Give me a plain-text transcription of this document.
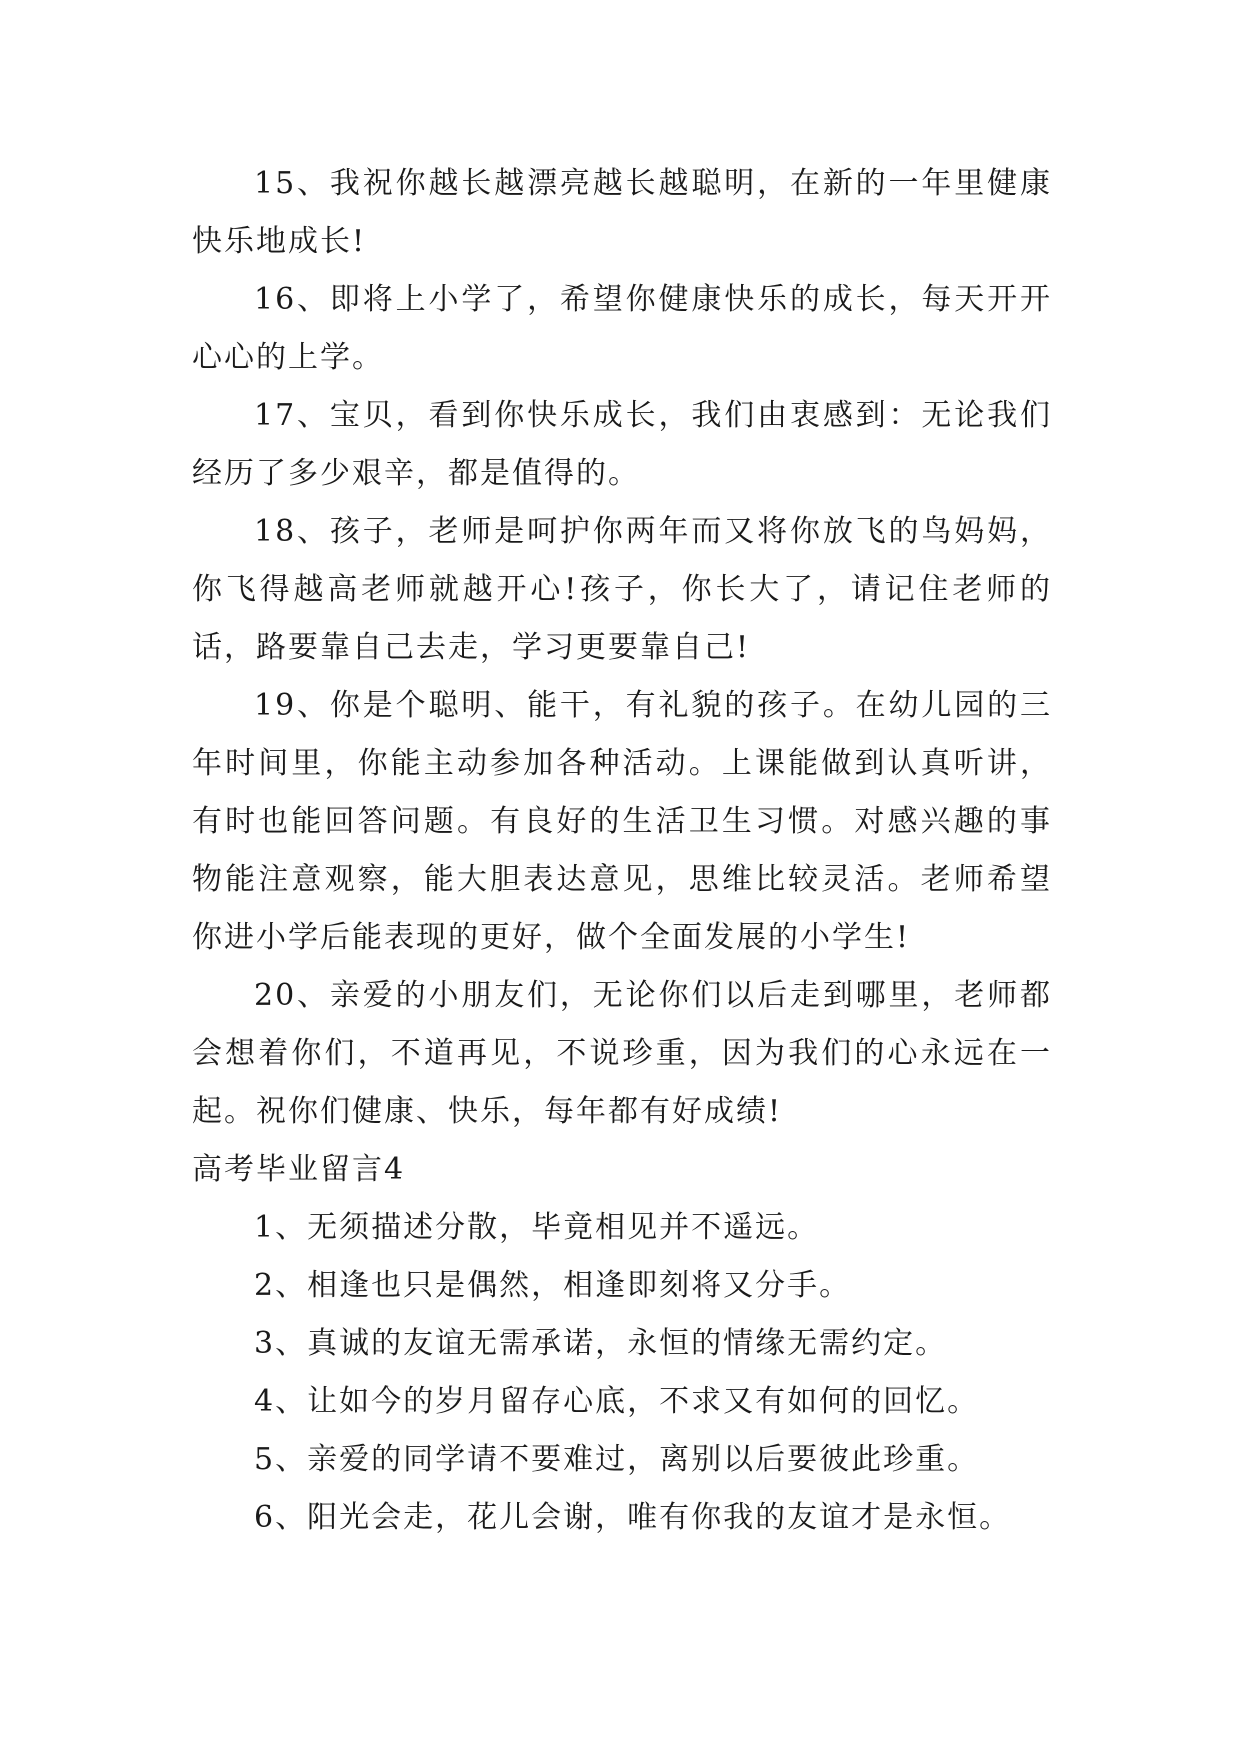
15、我祝你越长越漂亮越长越聪明，在新的一年里健康快乐地成长!

16、即将上小学了，希望你健康快乐的成长，每天开开心心的上学。

17、宝贝，看到你快乐成长，我们由衷感到：无论我们经历了多少艰辛，都是值得的。

18、孩子，老师是呵护你两年而又将你放飞的鸟妈妈，你飞得越高老师就越开心!孩子，你长大了，请记住老师的话，路要靠自己去走，学习更要靠自己!

19、你是个聪明、能干，有礼貌的孩子。在幼儿园的三年时间里，你能主动参加各种活动。上课能做到认真听讲，有时也能回答问题。有良好的生活卫生习惯。对感兴趣的事物能注意观察，能大胆表达意见，思维比较灵活。老师希望你进小学后能表现的更好，做个全面发展的小学生!

20、亲爱的小朋友们，无论你们以后走到哪里，老师都会想着你们，不道再见，不说珍重，因为我们的心永远在一起。祝你们健康、快乐，每年都有好成绩!

高考毕业留言4

1、无须描述分散，毕竟相见并不遥远。

2、相逢也只是偶然，相逢即刻将又分手。

3、真诚的友谊无需承诺，永恒的情缘无需约定。

4、让如今的岁月留存心底，不求又有如何的回忆。

5、亲爱的同学请不要难过，离别以后要彼此珍重。

6、阳光会走，花儿会谢，唯有你我的友谊才是永恒。
